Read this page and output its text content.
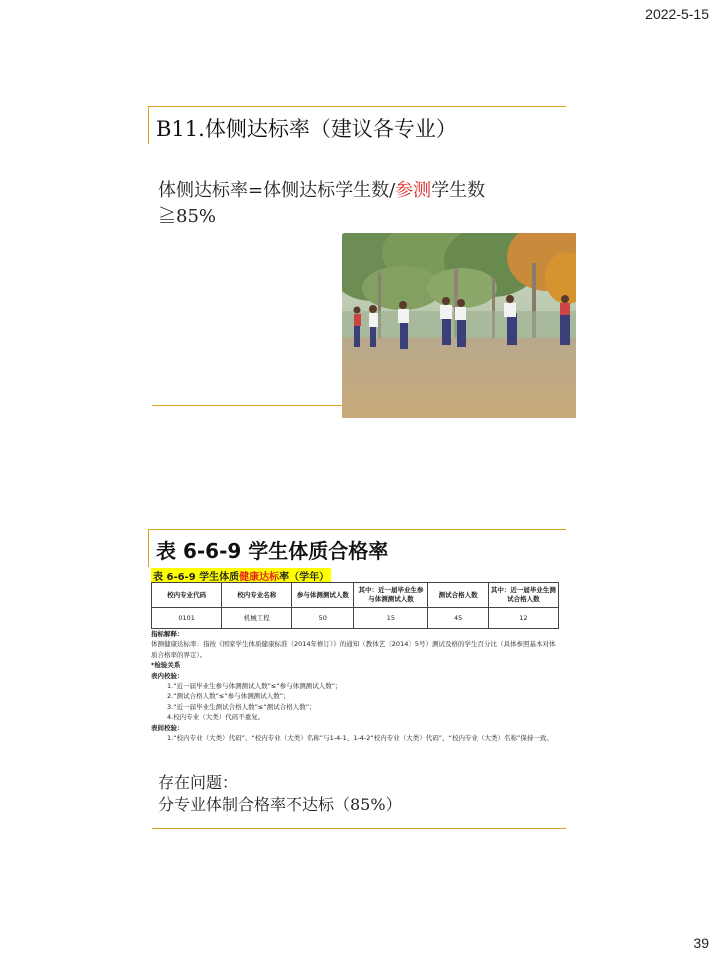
2022-5-15
B11.体侧达标率（建议各专业）
体侧达标率=体侧达标学生数/参测学生数≧85%
表 6-6-9 学生体质合格率
表 6-6-9 学生体质健康达标率（学年）
校内专业代码	校内专业名称	参与体测测试人数	其中：近一届毕业生参与体测测试人数	测试合格人数	其中：近一届毕业生测试合格人数
0101	机械工程	50	15	45	12
指标解释：
体测健康达标率：指按《国家学生体质健康标准（2014年修订）》的通知（教体艺〔2014〕5号）测试及格的学生百分比（具体参照基本对体质合格率的界定）。
*检验关系
表内校验：
1.“近一届毕业生参与体测测试人数”≤“参与体测测试人数”；
2.“测试合格人数”≤“参与体测测试人数”；
3.“近一届毕业生测试合格人数”≤“测试合格人数”；
4.校内专业（大类）代码不重复。
表间校验：
1.“校内专业（大类）代码”、“校内专业（大类）名称”与1-4-1、1-4-2“校内专业（大类）代码”、“校内专业（大类）名称”保持一致。
存在问题：
分专业体制合格率不达标（85%）
39
